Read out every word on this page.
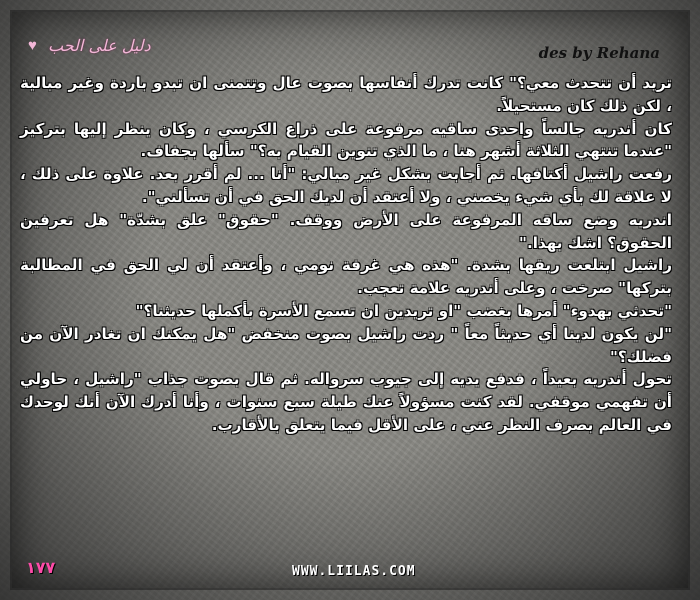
♥ دليل على الحب	des by Rehana

تريد أن تتحدث معي؟" كانت تدرك أنفاسها بصوت عال وتتمنى ان تبدو باردة وغير مبالية ، لكن ذلك كان مستحيلاً.

كان أندريه جالساً واحدى ساقيه مرفوعة على ذراع الكرسي ، وكان ينظر إليها بتركيز "عندما تنتهي الثلاثة أشهر هنا ، ما الذي تنوين القيام به؟" سألها بجفاف.

رفعت راشيل أكتافها. ثم أجابت بشكل غير مبالي: "أنا ... لم أقرر بعد. علاوة على ذلك ، لا علاقة لك بأي شيء يخصني ، ولا أعتقد أن لديك الحق في أن تسألني".

اندريه وضع ساقه المرفوعة على الأرض ووقف. "حقوق" علق بشدّة" هل تعرفين الحقوق؟ اشك بهذا."

راشيل ابتلعت ريقها بشدة. "هذه هي غرفة نومي ، وأعتقد أن لي الحق في المطالبة بتركها" صرخت ، وعلى أندريه علامة تعجب.

"تحدثي بهدوء" أمرها بغضب "او تريدين ان تسمع الأسرة بأكملها حديثنا؟"

"لن يكون لدينا أي حديثاً معاً " ردت راشيل بصوت منخفض "هل يمكنك ان تغادر الآن من فضلك؟"

تحول أندريه بعيداً ، فدفع يديه إلى جيوب سرواله. ثم قال بصوت جذاب "راشيل ، حاولي أن تفهمي موقفي. لقد كنت مسؤولاً عنك طيلة سبع سنوات ، وأنا أدرك الآن أنك لوحدك في العالم بصرف النظر عني ، على الأقل فيما يتعلق بالأقارب.

١٧٧	WWW.LIILAS.COM
